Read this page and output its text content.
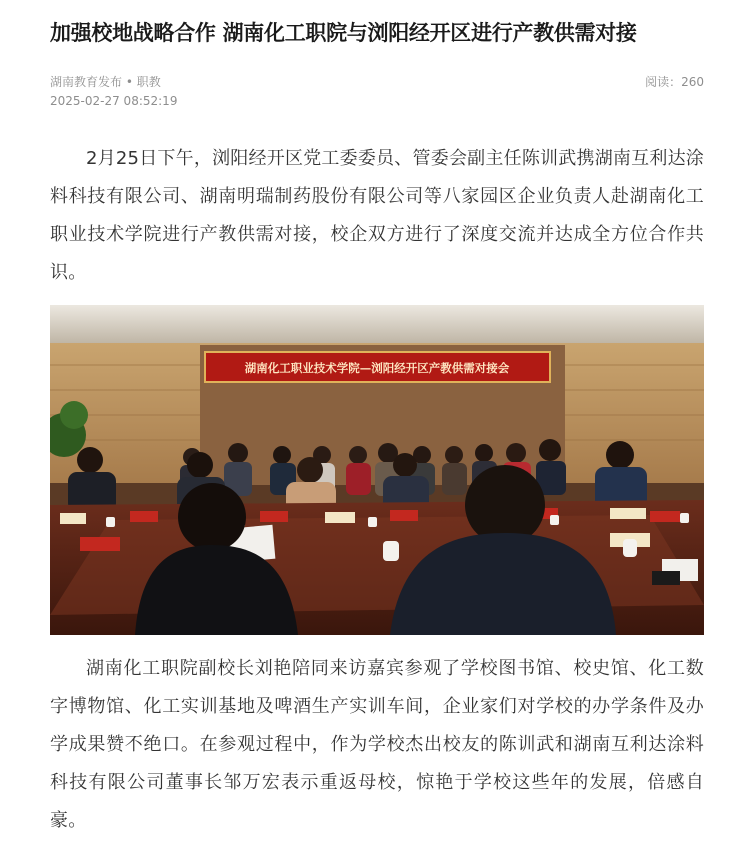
加强校地战略合作 湖南化工职院与浏阳经开区进行产教供需对接
湖南教育发布 • 职教	阅读：260
2025-02-27 08:52:19

2月25日下午，浏阳经开区党工委委员、管委会副主任陈训武携湖南互利达涂料科技有限公司、湖南明瑞制药股份有限公司等八家园区企业负责人赴湖南化工职业技术学院进行产教供需对接，校企双方进行了深度交流并达成全方位合作共识。

湖南化工职业技术学院—浏阳经开区产教供需对接会

湖南化工职院副校长刘艳陪同来访嘉宾参观了学校图书馆、校史馆、化工数字博物馆、化工实训基地及啤酒生产实训车间，企业家们对学校的办学条件及办学成果赞不绝口。在参观过程中，作为学校杰出校友的陈训武和湖南互利达涂料科技有限公司董事长邹万宏表示重返母校，惊艳于学校这些年的发展，倍感自豪。
